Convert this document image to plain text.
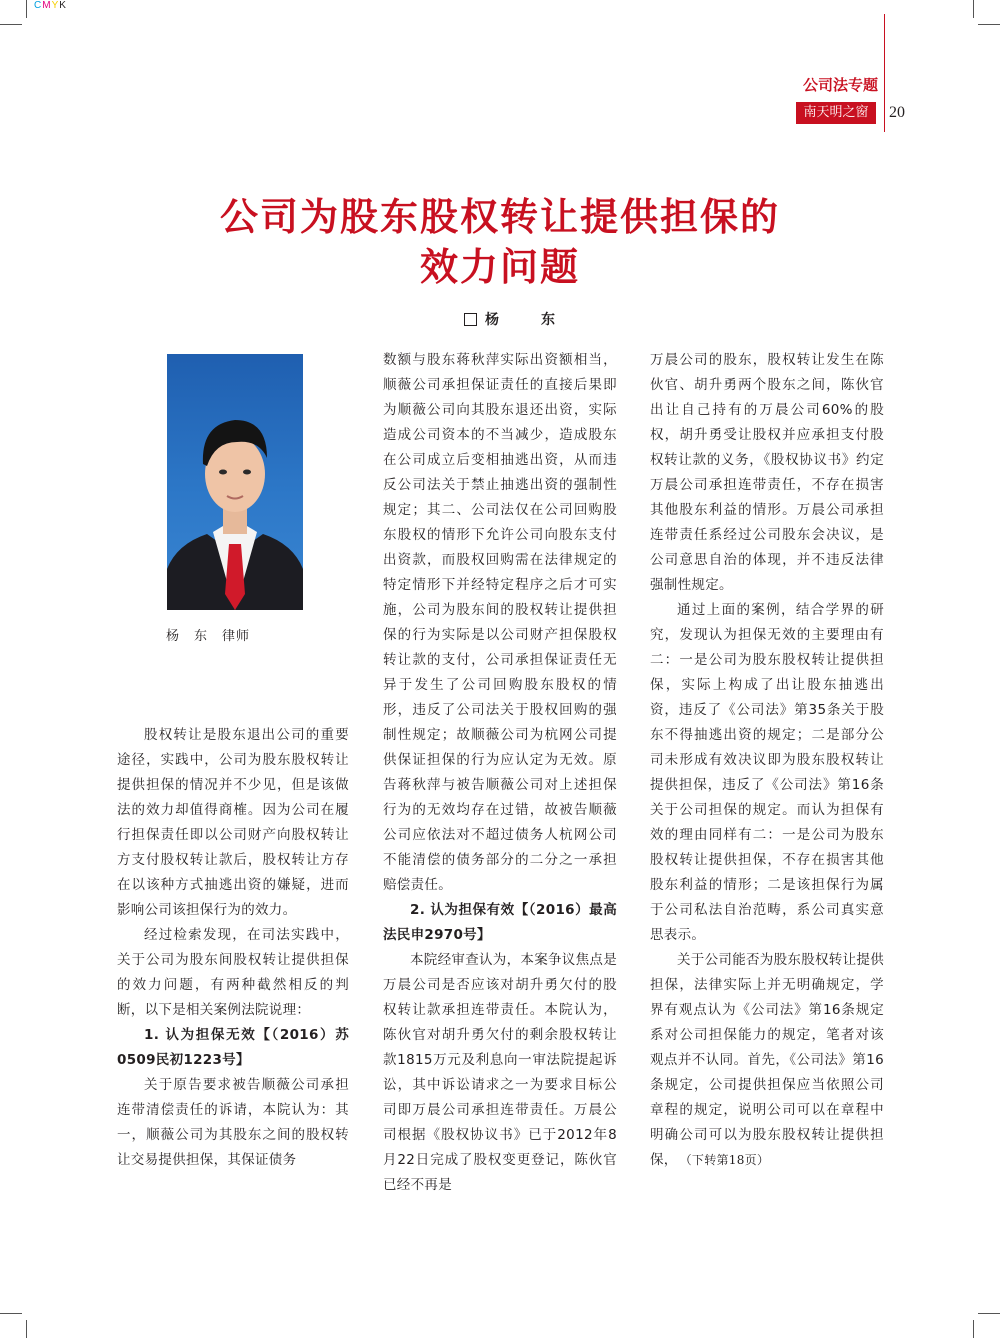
CMYK
公司法专题
南天明之窗	20
公司为股东股权转让提供担保的
效力问题
杨　东
杨　东 律师

股权转让是股东退出公司的重要途径，实践中，公司为股东股权转让提供担保的情况并不少见，但是该做法的效力却值得商榷。因为公司在履行担保责任即以公司财产向股权转让方支付股权转让款后，股权转让方存在以该种方式抽逃出资的嫌疑，进而影响公司该担保行为的效力。

经过检索发现，在司法实践中，关于公司为股东间股权转让提供担保的效力问题，有两种截然相反的判断，以下是相关案例法院说理：

1. 认为担保无效【（2016）苏0509民初1223号】

关于原告要求被告顺薇公司承担连带清偿责任的诉请，本院认为：其一，顺薇公司为其股东之间的股权转让交易提供担保，其保证债务

数额与股东蒋秋萍实际出资额相当，顺薇公司承担保证责任的直接后果即为顺薇公司向其股东退还出资，实际造成公司资本的不当减少，造成股东在公司成立后变相抽逃出资，从而违反公司法关于禁止抽逃出资的强制性规定；其二、公司法仅在公司回购股东股权的情形下允许公司向股东支付出资款，而股权回购需在法律规定的特定情形下并经特定程序之后才可实施，公司为股东间的股权转让提供担保的行为实际是以公司财产担保股权转让款的支付，公司承担保证责任无异于发生了公司回购股东股权的情形，违反了公司法关于股权回购的强制性规定；故顺薇公司为杭网公司提供保证担保的行为应认定为无效。原告蒋秋萍与被告顺薇公司对上述担保行为的无效均存在过错，故被告顺薇公司应依法对不超过债务人杭网公司不能清偿的债务部分的二分之一承担赔偿责任。

2. 认为担保有效【（2016）最高法民申2970号】

本院经审查认为，本案争议焦点是万晨公司是否应该对胡升勇欠付的股权转让款承担连带责任。本院认为，陈伙官对胡升勇欠付的剩余股权转让款1815万元及利息向一审法院提起诉讼，其中诉讼请求之一为要求目标公司即万晨公司承担连带责任。万晨公司根据《股权协议书》已于2012年8月22日完成了股权变更登记，陈伙官已经不再是

万晨公司的股东，股权转让发生在陈伙官、胡升勇两个股东之间，陈伙官出让自己持有的万晨公司60%的股权，胡升勇受让股权并应承担支付股权转让款的义务，《股权协议书》约定万晨公司承担连带责任，不存在损害其他股东利益的情形。万晨公司承担连带责任系经过公司股东会决议，是公司意思自治的体现，并不违反法律强制性规定。

通过上面的案例，结合学界的研究，发现认为担保无效的主要理由有二：一是公司为股东股权转让提供担保，实际上构成了出让股东抽逃出资，违反了《公司法》第35条关于股东不得抽逃出资的规定；二是部分公司未形成有效决议即为股东股权转让提供担保，违反了《公司法》第16条关于公司担保的规定。而认为担保有效的理由同样有二：一是公司为股东股权转让提供担保，不存在损害其他股东利益的情形；二是该担保行为属于公司私法自治范畴，系公司真实意思表示。

关于公司能否为股东股权转让提供担保，法律实际上并无明确规定，学界有观点认为《公司法》第16条规定系对公司担保能力的规定，笔者对该观点并不认同。首先，《公司法》第16条规定，公司提供担保应当依照公司章程的规定，说明公司可以在章程中明确公司可以为股东股权转让提供担保， （下转第18页）
